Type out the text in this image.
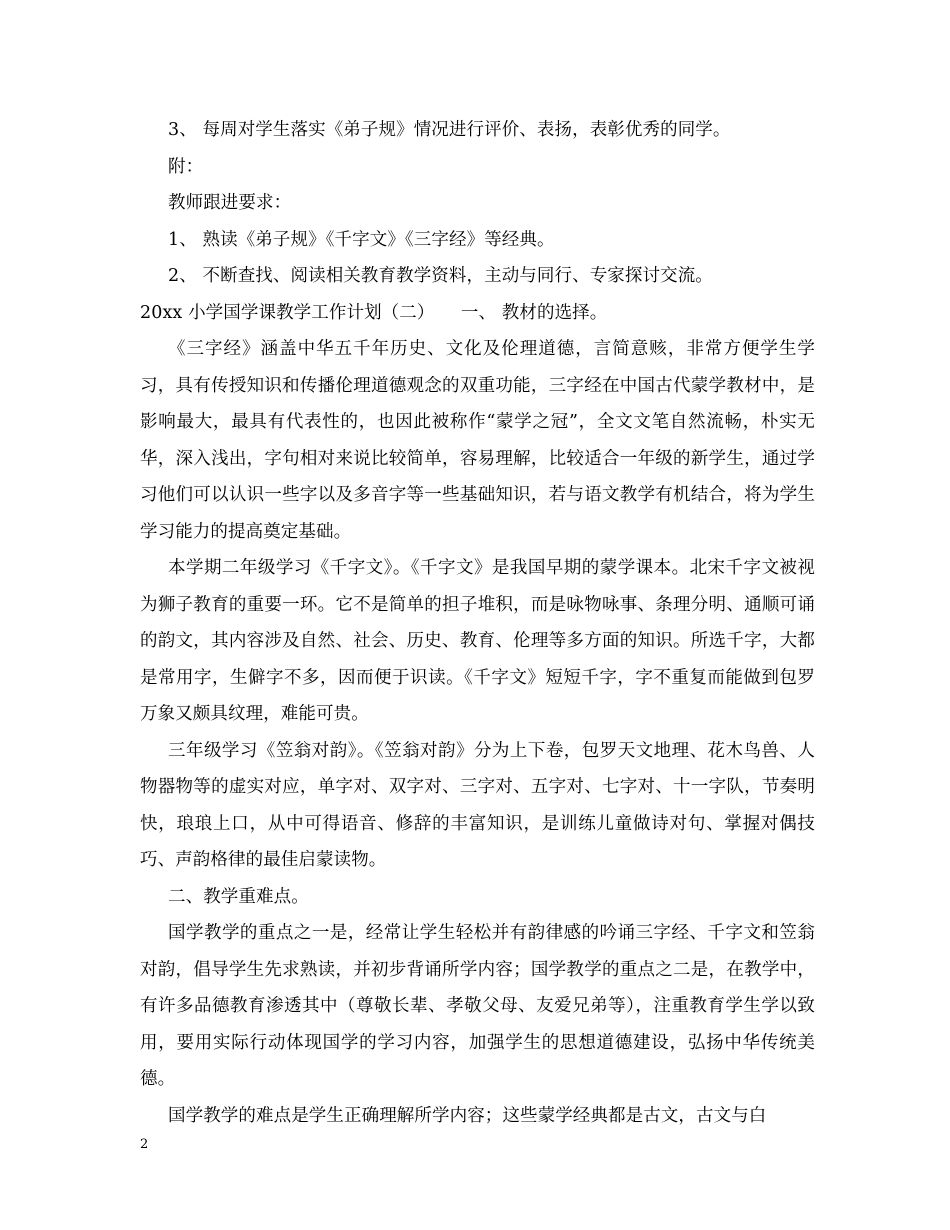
3、 每周对学生落实《弟子规》情况进行评价、表扬，表彰优秀的同学。

附：

教师跟进要求：

1、 熟读《弟子规》《千字文》《三字经》等经典。

2、 不断查找、阅读相关教育教学资料，主动与同行、专家探讨交流。

20xx 小学国学课教学工作计划（二）　　一、 教材的选择。

《三字经》涵盖中华五千年历史、文化及伦理道德，言简意赅，非常方便学生学习，具有传授知识和传播伦理道德观念的双重功能，三字经在中国古代蒙学教材中，是影响最大，最具有代表性的，也因此被称作“蒙学之冠”，全文文笔自然流畅，朴实无华，深入浅出，字句相对来说比较简单，容易理解，比较适合一年级的新学生，通过学习他们可以认识一些字以及多音字等一些基础知识，若与语文教学有机结合，将为学生学习能力的提高奠定基础。

本学期二年级学习《千字文》。《千字文》是我国早期的蒙学课本。北宋千字文被视为狮子教育的重要一环。它不是简单的担子堆积，而是咏物咏事、条理分明、通顺可诵的韵文，其内容涉及自然、社会、历史、教育、伦理等多方面的知识。所选千字，大都是常用字，生僻字不多，因而便于识读。《千字文》短短千字，字不重复而能做到包罗万象又颇具纹理，难能可贵。

三年级学习《笠翁对韵》。《笠翁对韵》分为上下卷，包罗天文地理、花木鸟兽、人物器物等的虚实对应，单字对、双字对、三字对、五字对、七字对、十一字队，节奏明快，琅琅上口，从中可得语音、修辞的丰富知识，是训练儿童做诗对句、掌握对偶技巧、声韵格律的最佳启蒙读物。

二、教学重难点。

国学教学的重点之一是，经常让学生轻松并有韵律感的吟诵三字经、千字文和笠翁对韵，倡导学生先求熟读，并初步背诵所学内容；国学教学的重点之二是，在教学中，有许多品德教育渗透其中（尊敬长辈、孝敬父母、友爱兄弟等），注重教育学生学以致用，要用实际行动体现国学的学习内容，加强学生的思想道德建设，弘扬中华传统美德。

国学教学的难点是学生正确理解所学内容；这些蒙学经典都是古文，古文与白

2
